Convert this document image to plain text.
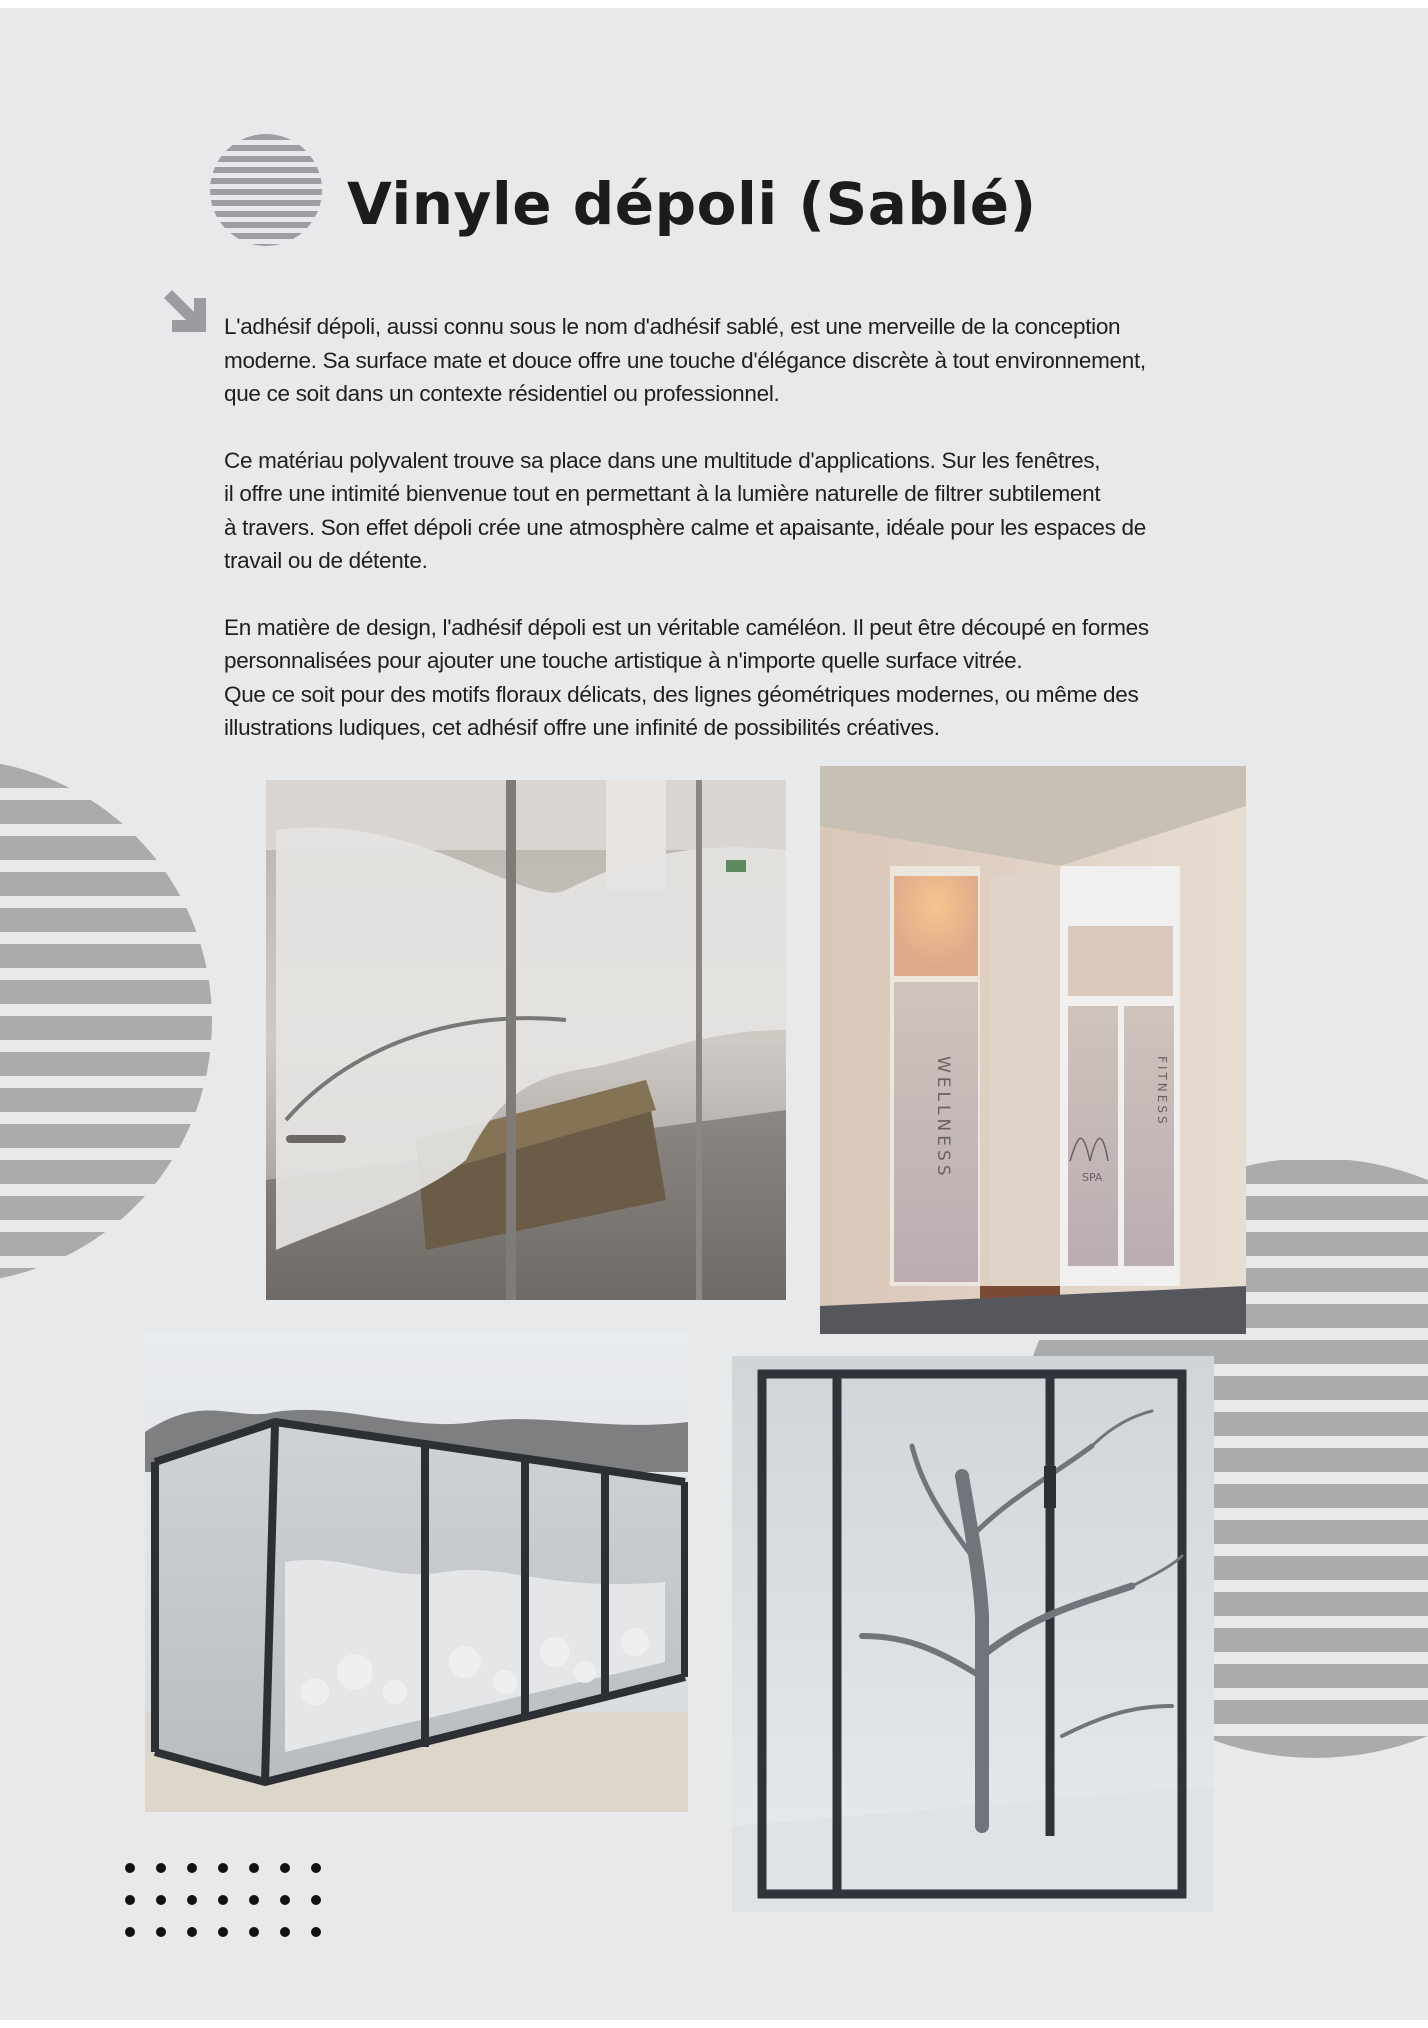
Vinyle dépoli (Sablé)

L'adhésif dépoli, aussi connu sous le nom d'adhésif sablé, est une merveille de la conception
moderne. Sa surface mate et douce offre une touche d'élégance discrète à tout environnement,
que ce soit dans un contexte résidentiel ou professionnel.

Ce matériau polyvalent trouve sa place dans une multitude d'applications. Sur les fenêtres,
il offre une intimité bienvenue tout en permettant à la lumière naturelle de filtrer subtilement
à travers. Son effet dépoli crée une atmosphère calme et apaisante, idéale pour les espaces de
travail ou de détente.

En matière de design, l'adhésif dépoli est un véritable caméléon. Il peut être découpé en formes
personnalisées pour ajouter une touche artistique à n'importe quelle surface vitrée.
Que ce soit pour des motifs floraux délicats, des lignes géométriques modernes, ou même des
illustrations ludiques, cet adhésif offre une infinité de possibilités créatives.

WELLNESS	FITNESS
SPA
